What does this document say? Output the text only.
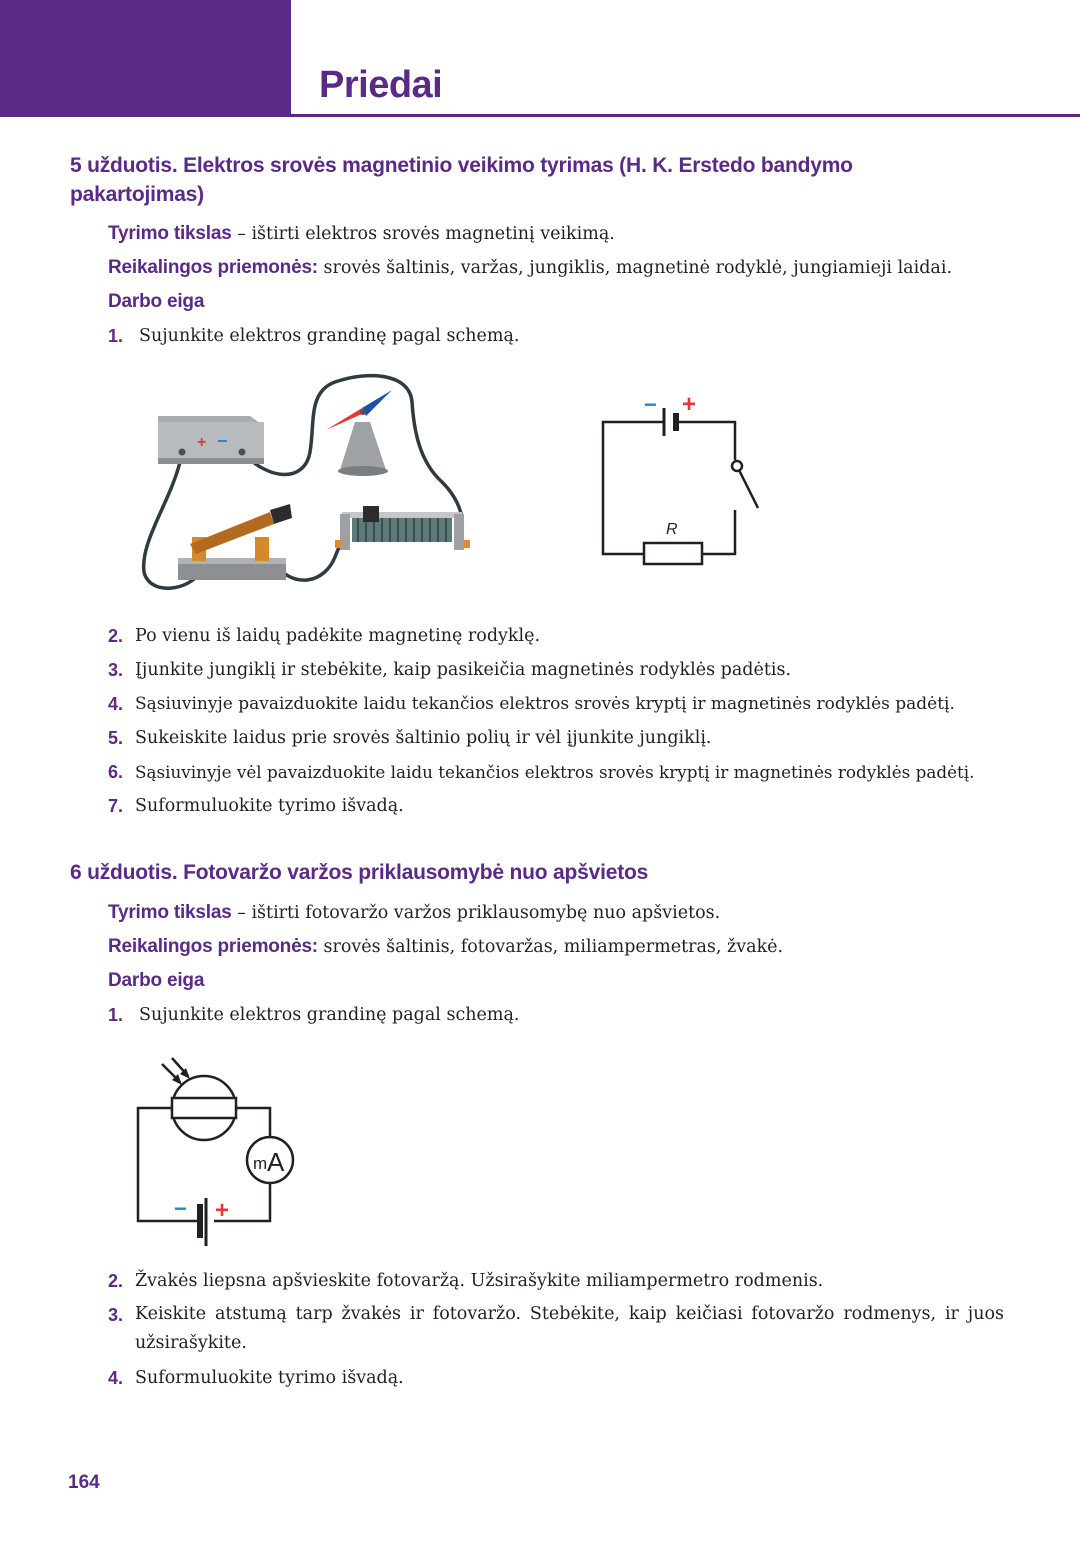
Priedai
5 užduotis. Elektros srovės magnetinio veikimo tyrimas (H. K. Erstedo bandymo pakartojimas)
Tyrimo tikslas – ištirti elektros srovės magnetinį veikimą.
Reikalingos priemonės: srovės šaltinis, varžas, jungiklis, magnetinė rodyklė, jungiamieji laidai.
Darbo eiga
1. Sujunkite elektros grandinę pagal schemą.
+ −
− +
R
2. Po vienu iš laidų padėkite magnetinę rodyklę.
3. Įjunkite jungiklį ir stebėkite, kaip pasikeičia magnetinės rodyklės padėtis.
4. Sąsiuvinyje pavaizduokite laidu tekančios elektros srovės kryptį ir magnetinės rodyklės padėtį.
5. Sukeiskite laidus prie srovės šaltinio polių ir vėl įjunkite jungiklį.
6. Sąsiuvinyje vėl pavaizduokite laidu tekančios elektros srovės kryptį ir magnetinės rodyklės padėtį.
7. Suformuluokite tyrimo išvadą.
6 užduotis. Fotovaržo varžos priklausomybė nuo apšvietos
Tyrimo tikslas – ištirti fotovaržo varžos priklausomybę nuo apšvietos.
Reikalingos priemonės: srovės šaltinis, fotovaržas, miliampermetras, žvakė.
Darbo eiga
1. Sujunkite elektros grandinę pagal schemą.
m A
− +
2. Žvakės liepsna apšvieskite fotovaržą. Užsirašykite miliampermetro rodmenis.
3. Keiskite atstumą tarp žvakės ir fotovaržo. Stebėkite, kaip keičiasi fotovaržo rodmenys, ir juos užsirašykite.
4. Suformuluokite tyrimo išvadą.
164
